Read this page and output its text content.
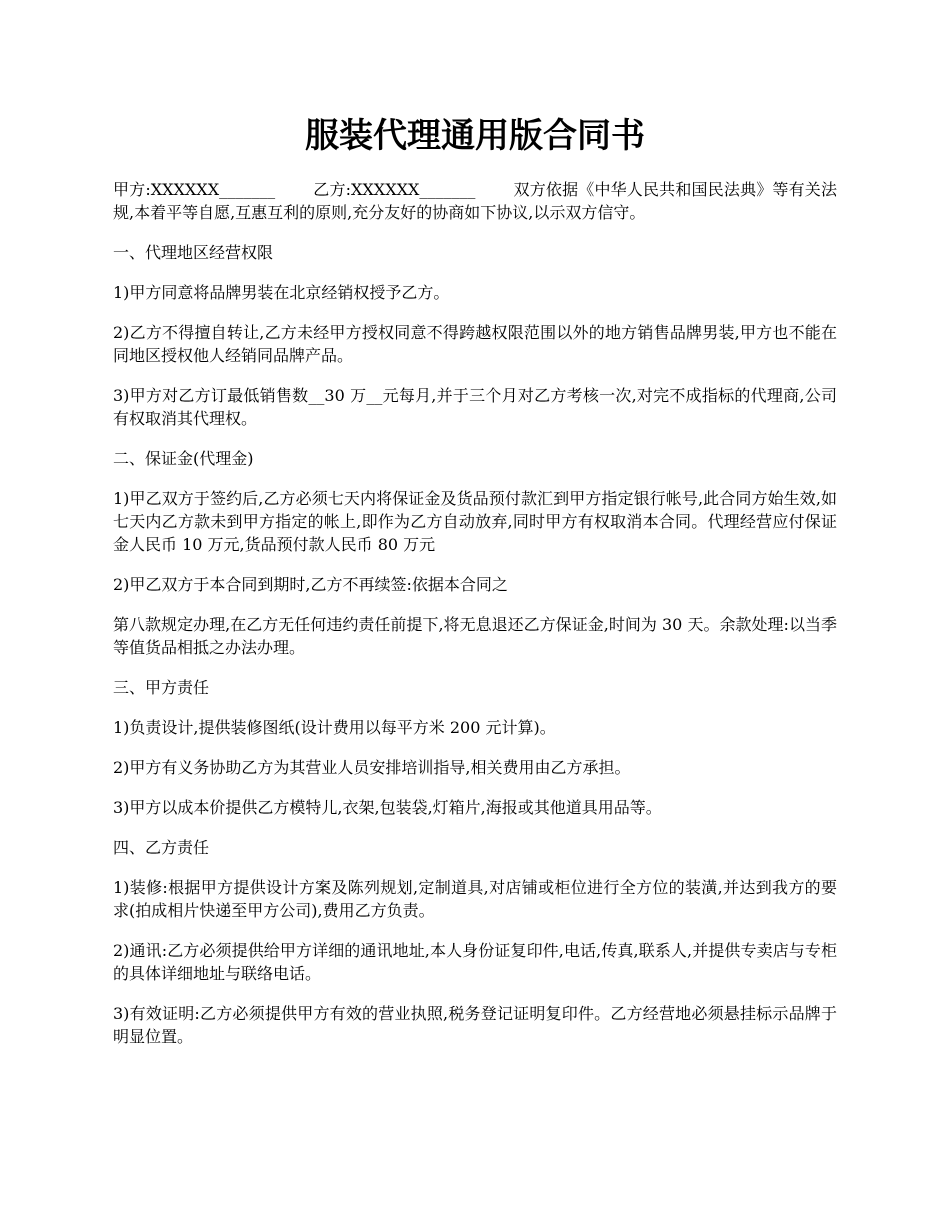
服装代理通用版合同书
甲方:XXXXXX_______ 乙方:XXXXXX_______ 双方依据《中华人民共和国民法典》等有关法规,本着平等自愿,互惠互利的原则,充分友好的协商如下协议,以示双方信守。
一、代理地区经营权限
1)甲方同意将品牌男装在北京经销权授予乙方。
2)乙方不得擅自转让,乙方未经甲方授权同意不得跨越权限范围以外的地方销售品牌男装,甲方也不能在同地区授权他人经销同品牌产品。
3)甲方对乙方订最低销售数__30 万__元每月,并于三个月对乙方考核一次,对完不成指标的代理商,公司有权取消其代理权。
二、保证金(代理金)
1)甲乙双方于签约后,乙方必须七天内将保证金及货品预付款汇到甲方指定银行帐号,此合同方始生效,如七天内乙方款未到甲方指定的帐上,即作为乙方自动放弃,同时甲方有权取消本合同。代理经营应付保证金人民币 10 万元,货品预付款人民币 80 万元
2)甲乙双方于本合同到期时,乙方不再续签:依据本合同之
第八款规定办理,在乙方无任何违约责任前提下,将无息退还乙方保证金,时间为 30 天。余款处理:以当季等值货品相抵之办法办理。
三、甲方责任
1)负责设计,提供装修图纸(设计费用以每平方米 200 元计算)。
2)甲方有义务协助乙方为其营业人员安排培训指导,相关费用由乙方承担。
3)甲方以成本价提供乙方模特儿,衣架,包装袋,灯箱片,海报或其他道具用品等。
四、乙方责任
1)装修:根据甲方提供设计方案及陈列规划,定制道具,对店铺或柜位进行全方位的装潢,并达到我方的要求(拍成相片快递至甲方公司),费用乙方负责。
2)通讯:乙方必须提供给甲方详细的通讯地址,本人身份证复印件,电话,传真,联系人,并提供专卖店与专柜的具体详细地址与联络电话。
3)有效证明:乙方必须提供甲方有效的营业执照,税务登记证明复印件。乙方经营地必须悬挂标示品牌于明显位置。
